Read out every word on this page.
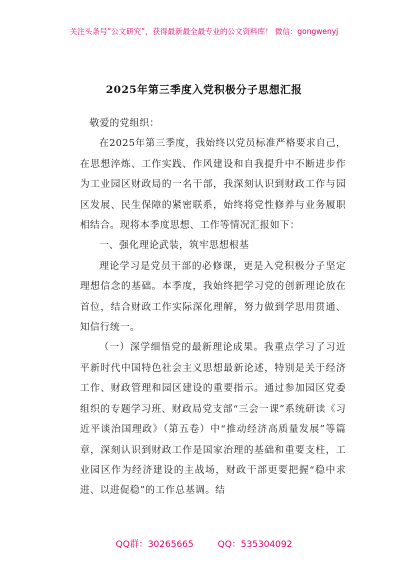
关注头条号“公文研究”，获得最新最全最专业的公文资料库！ 微信：gongwenyj
2025年第三季度入党积极分子思想汇报

敬爱的党组织：

在2025年第三季度，我始终以党员标准严格要求自己，在思想淬炼、工作实践、作风建设和自我提升中不断进步作为工业园区财政局的一名干部，我深刻认识到财政工作与园区发展、民生保障的紧密联系，始终将党性修养与业务履职相结合。现将本季度思想、工作等情况汇报如下：

一、强化理论武装，筑牢思想根基

理论学习是党员干部的必修课，更是入党积极分子坚定理想信念的基础。本季度，我始终把学习党的创新理论放在首位，结合财政工作实际深化理解，努力做到学思用贯通、知信行统一。

（一）深学细悟党的最新理论成果。我重点学习了习近平新时代中国特色社会主义思想最新论述，特别是关于经济工作、财政管理和园区建设的重要指示。通过参加园区党委组织的专题学习班、财政局党支部“三会一课”系统研读《习近平谈治国理政》（第五卷）中“推动经济高质量发展”等篇章，深刻认识到财政工作是国家治理的基础和重要支柱，工业园区作为经济建设的主战场，财政干部更要把握“稳中求进、以进促稳”的工作总基调。结

QQ群：30265665	QQ：535304092
